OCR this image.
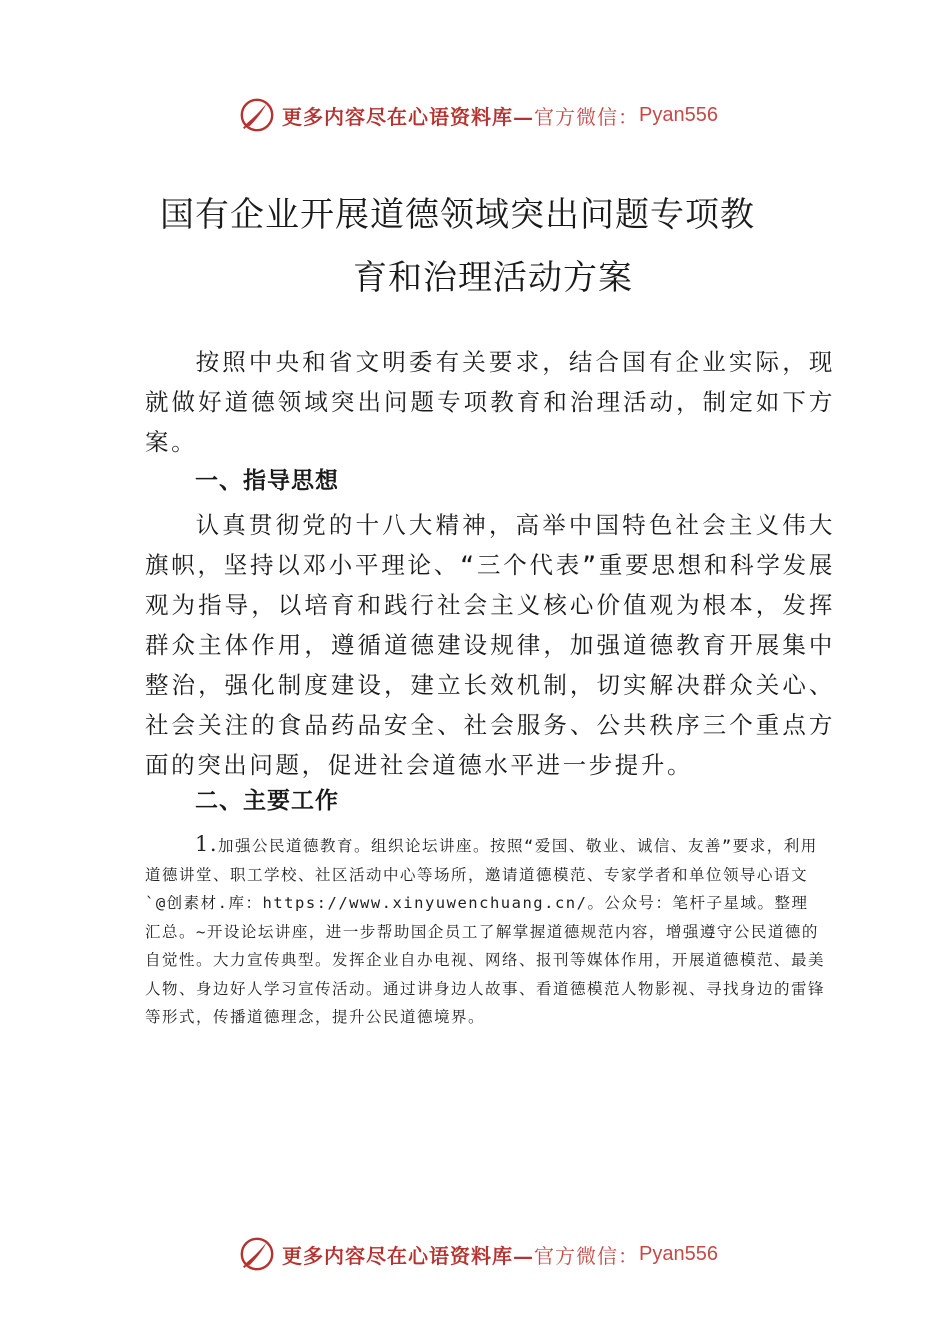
更多内容尽在心语资料库— 官方微信： Pyan556
国有企业开展道德领域突出问题专项教
育和治理活动方案

按照中央和省文明委有关要求，结合国有企业实际，现就做好道德领域突出问题专项教育和治理活动，制定如下方案。

一、指导思想

认真贯彻党的十八大精神，高举中国特色社会主义伟大旗帜，坚持以邓小平理论、“三个代表”重要思想和科学发展观为指导，以培育和践行社会主义核心价值观为根本，发挥群众主体作用，遵循道德建设规律，加强道德教育开展集中整治，强化制度建设，建立长效机制，切实解决群众关心、 社会关注的食品药品安全、社会服务、公共秩序三个重点方面的突出问题，促进社会道德水平进一步提升。

二、主要工作

1.加强公民道德教育。组织论坛讲座。按照“爱国、敬业、诚信、友善”要求，利用道德讲堂、职工学校、社区活动中心等场所，邀请道德模范、专家学者和单位领导心语文`@创素材.库：https://www.xinyuwenchuang.cn/。公众号：笔杆子星域。整理汇总。~开设论坛讲座，进一步帮助国企员工了解掌握道德规范内容，增强遵守公民道德的自觉性。大力宣传典型。发挥企业自办电视、网络、报刊等媒体作用，开展道德模范、最美人物、身边好人学习宣传活动。通过讲身边人故事、看道德模范人物影视、寻找身边的雷锋等形式，传播道德理念，提升公民道德境界。

更多内容尽在心语资料库— 官方微信： Pyan556
